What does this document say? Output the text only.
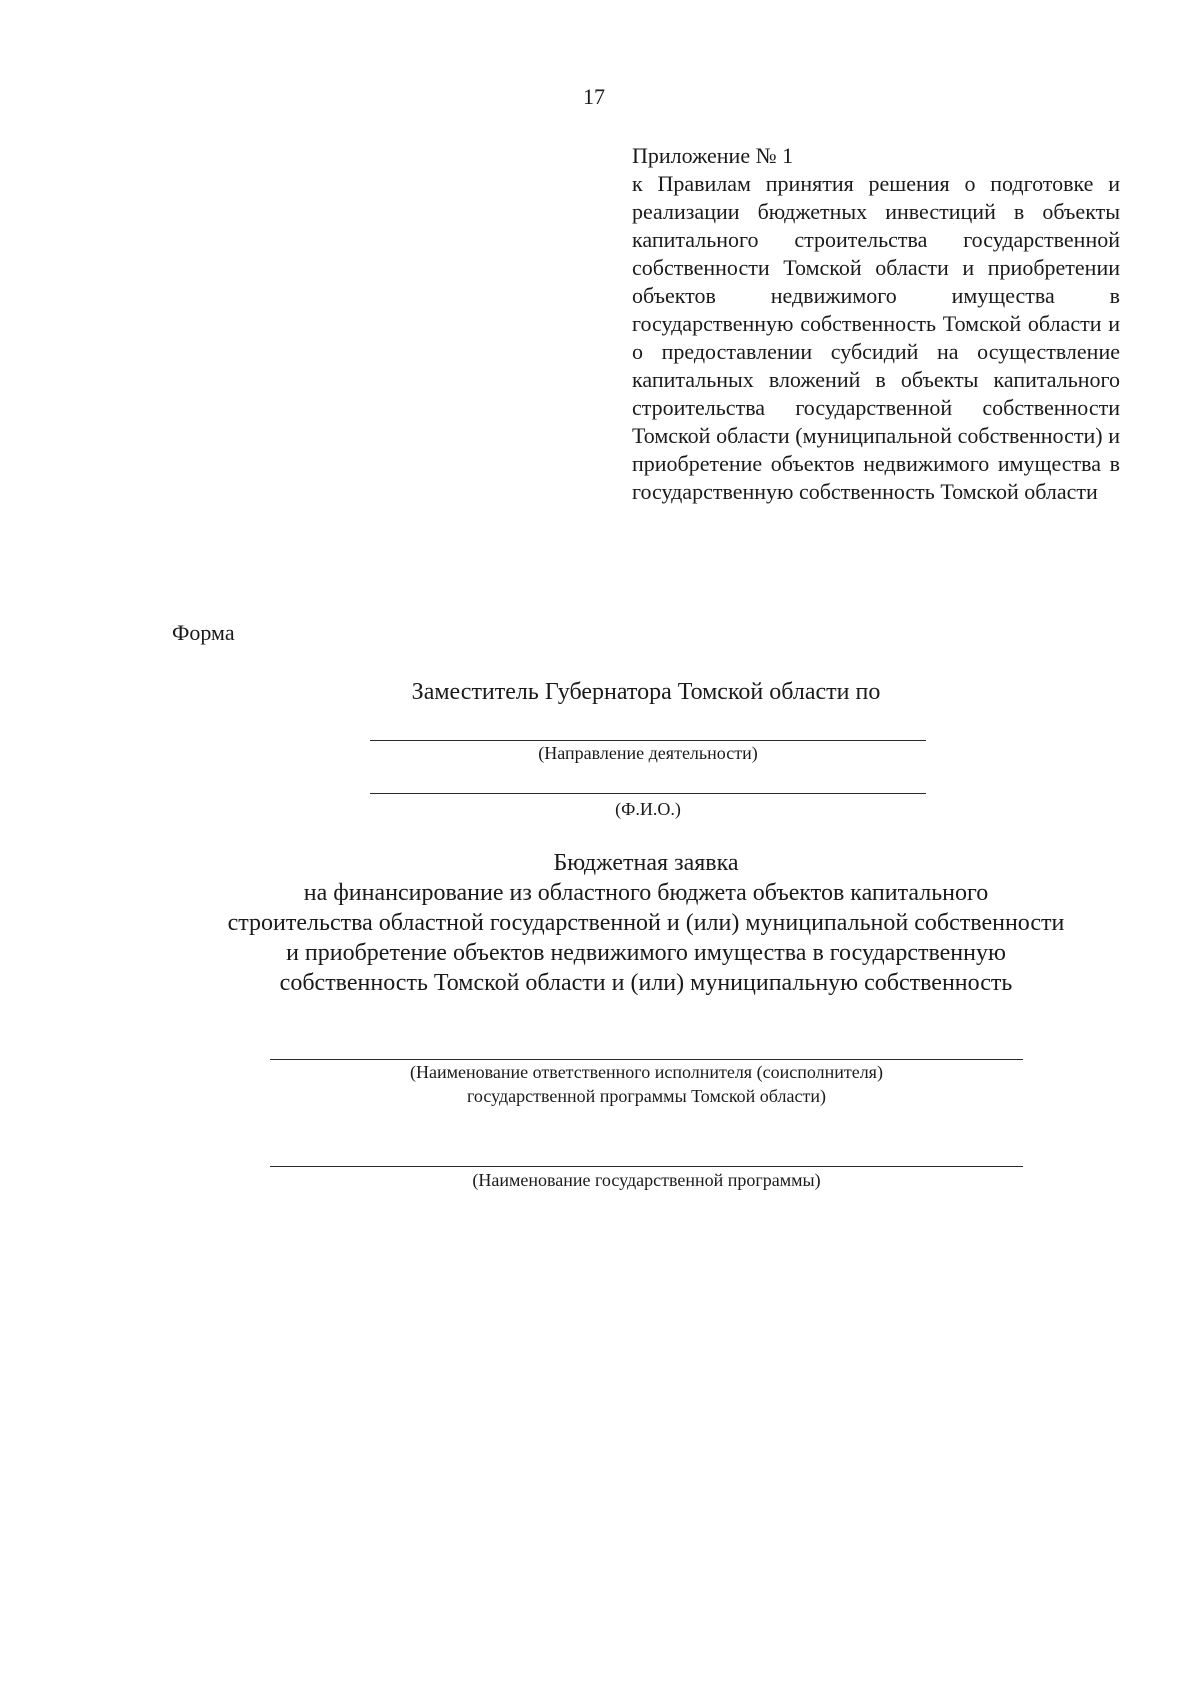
17
Приложение № 1
к Правилам принятия решения о подготовке и реализации бюджетных инвестиций в объекты капитального строительства государственной собственности Томской области и приобретении объектов недвижимого имущества в государственную собственность Томской области и о предоставлении субсидий на осуществление капитальных вложений в объекты капитального строительства государственной собственности Томской области (муниципальной собственности) и приобретение объектов недвижимого имущества в государственную собственность Томской области
Форма
Заместитель Губернатора Томской области по
(Направление деятельности)
(Ф.И.О.)
Бюджетная заявка
на финансирование из областного бюджета объектов капитального
строительства областной государственной и (или) муниципальной собственности
и приобретение объектов недвижимого имущества в государственную
собственность Томской области и (или) муниципальную собственность
(Наименование ответственного исполнителя (соисполнителя)
государственной программы Томской области)
(Наименование государственной программы)
